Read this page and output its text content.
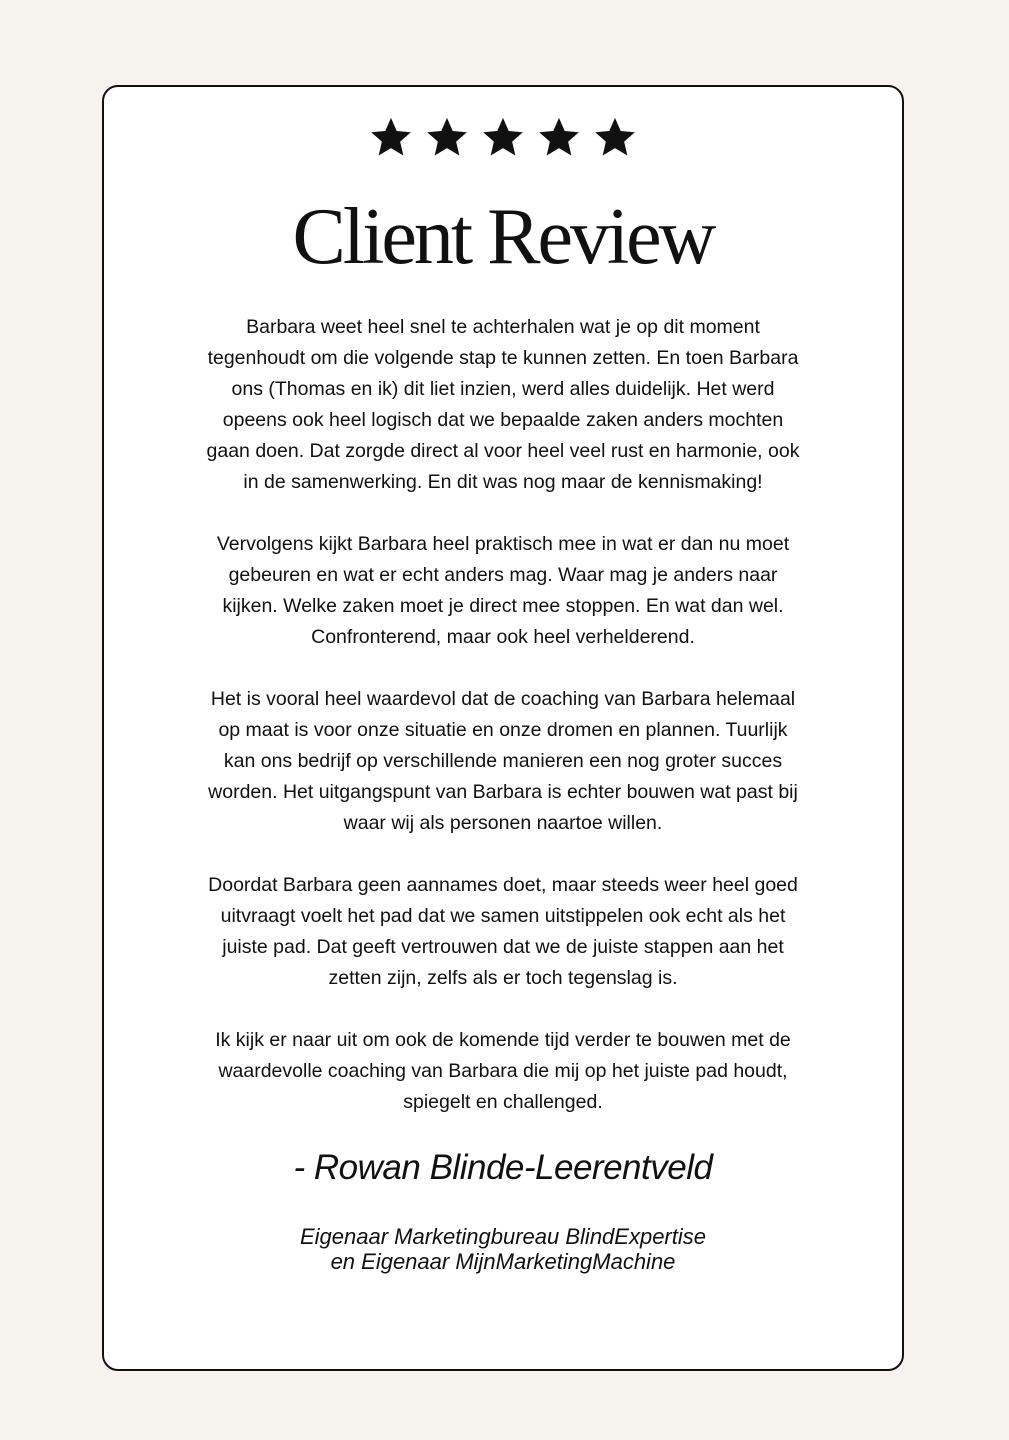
Client Review

Barbara weet heel snel te achterhalen wat je op dit moment
tegenhoudt om die volgende stap te kunnen zetten. En toen Barbara
ons (Thomas en ik) dit liet inzien, werd alles duidelijk. Het werd
opeens ook heel logisch dat we bepaalde zaken anders mochten
gaan doen. Dat zorgde direct al voor heel veel rust en harmonie, ook
in de samenwerking. En dit was nog maar de kennismaking!

Vervolgens kijkt Barbara heel praktisch mee in wat er dan nu moet
gebeuren en wat er echt anders mag. Waar mag je anders naar
kijken. Welke zaken moet je direct mee stoppen. En wat dan wel.
Confronterend, maar ook heel verhelderend.

Het is vooral heel waardevol dat de coaching van Barbara helemaal
op maat is voor onze situatie en onze dromen en plannen. Tuurlijk
kan ons bedrijf op verschillende manieren een nog groter succes
worden. Het uitgangspunt van Barbara is echter bouwen wat past bij
waar wij als personen naartoe willen.

Doordat Barbara geen aannames doet, maar steeds weer heel goed
uitvraagt voelt het pad dat we samen uitstippelen ook echt als het
juiste pad. Dat geeft vertrouwen dat we de juiste stappen aan het
zetten zijn, zelfs als er toch tegenslag is.

Ik kijk er naar uit om ook de komende tijd verder te bouwen met de
waardevolle coaching van Barbara die mij op het juiste pad houdt,
spiegelt en challenged.

- Rowan Blinde-Leerentveld
Eigenaar Marketingbureau BlindExpertise
en Eigenaar MijnMarketingMachine
